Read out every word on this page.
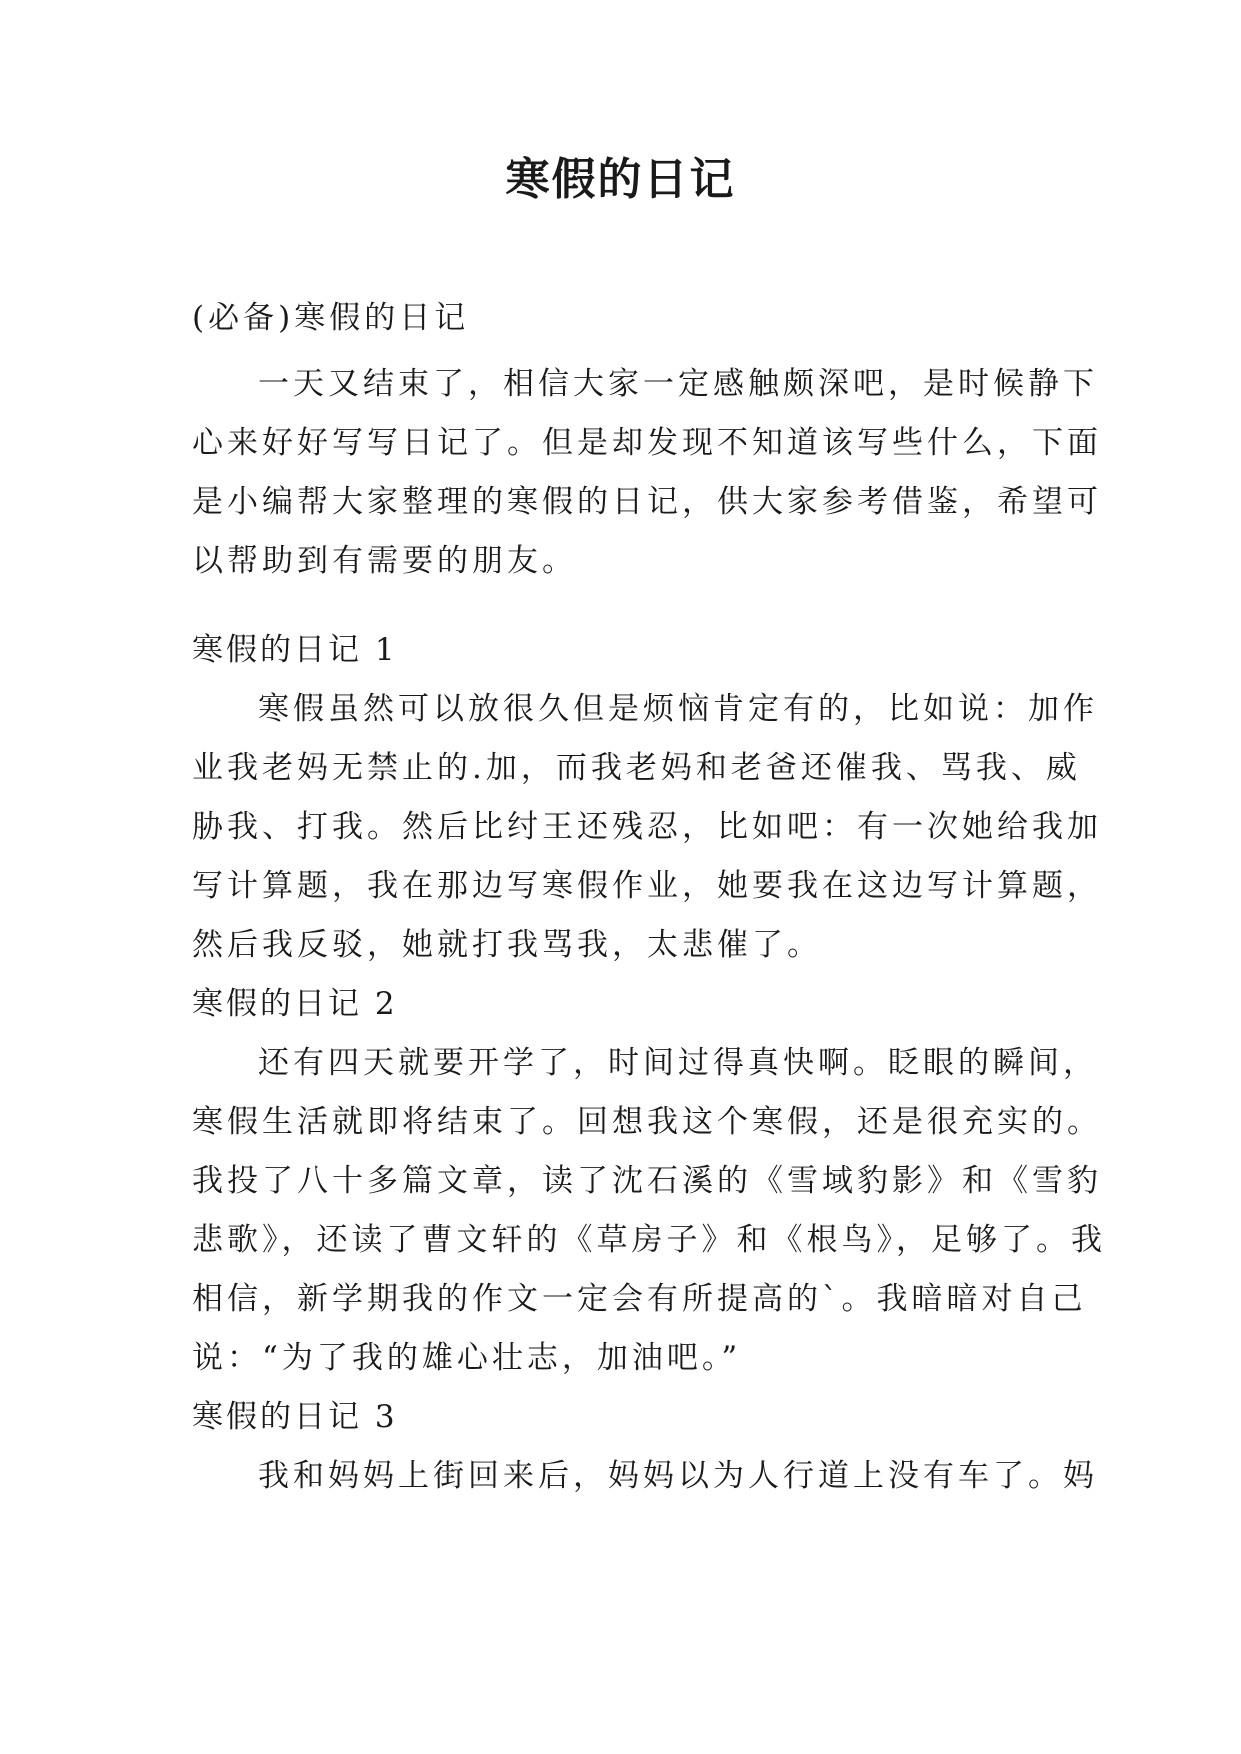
寒假的日记
(必备)寒假的日记
一天又结束了，相信大家一定感触颇深吧，是时候静下
心来好好写写日记了。但是却发现不知道该写些什么，下面
是小编帮大家整理的寒假的日记，供大家参考借鉴，希望可
以帮助到有需要的朋友。
寒假的日记 1
寒假虽然可以放很久但是烦恼肯定有的，比如说：加作
业我老妈无禁止的.加，而我老妈和老爸还催我、骂我、威
胁我、打我。然后比纣王还残忍，比如吧：有一次她给我加
写计算题，我在那边写寒假作业，她要我在这边写计算题，
然后我反驳，她就打我骂我，太悲催了。
寒假的日记 2
还有四天就要开学了，时间过得真快啊。眨眼的瞬间，
寒假生活就即将结束了。回想我这个寒假，还是很充实的。
我投了八十多篇文章，读了沈石溪的《雪域豹影》和《雪豹
悲歌》，还读了曹文轩的《草房子》和《根鸟》，足够了。我
相信，新学期我的作文一定会有所提高的`。我暗暗对自己
说：“为了我的雄心壮志，加油吧。”
寒假的日记 3
我和妈妈上街回来后，妈妈以为人行道上没有车了。妈
